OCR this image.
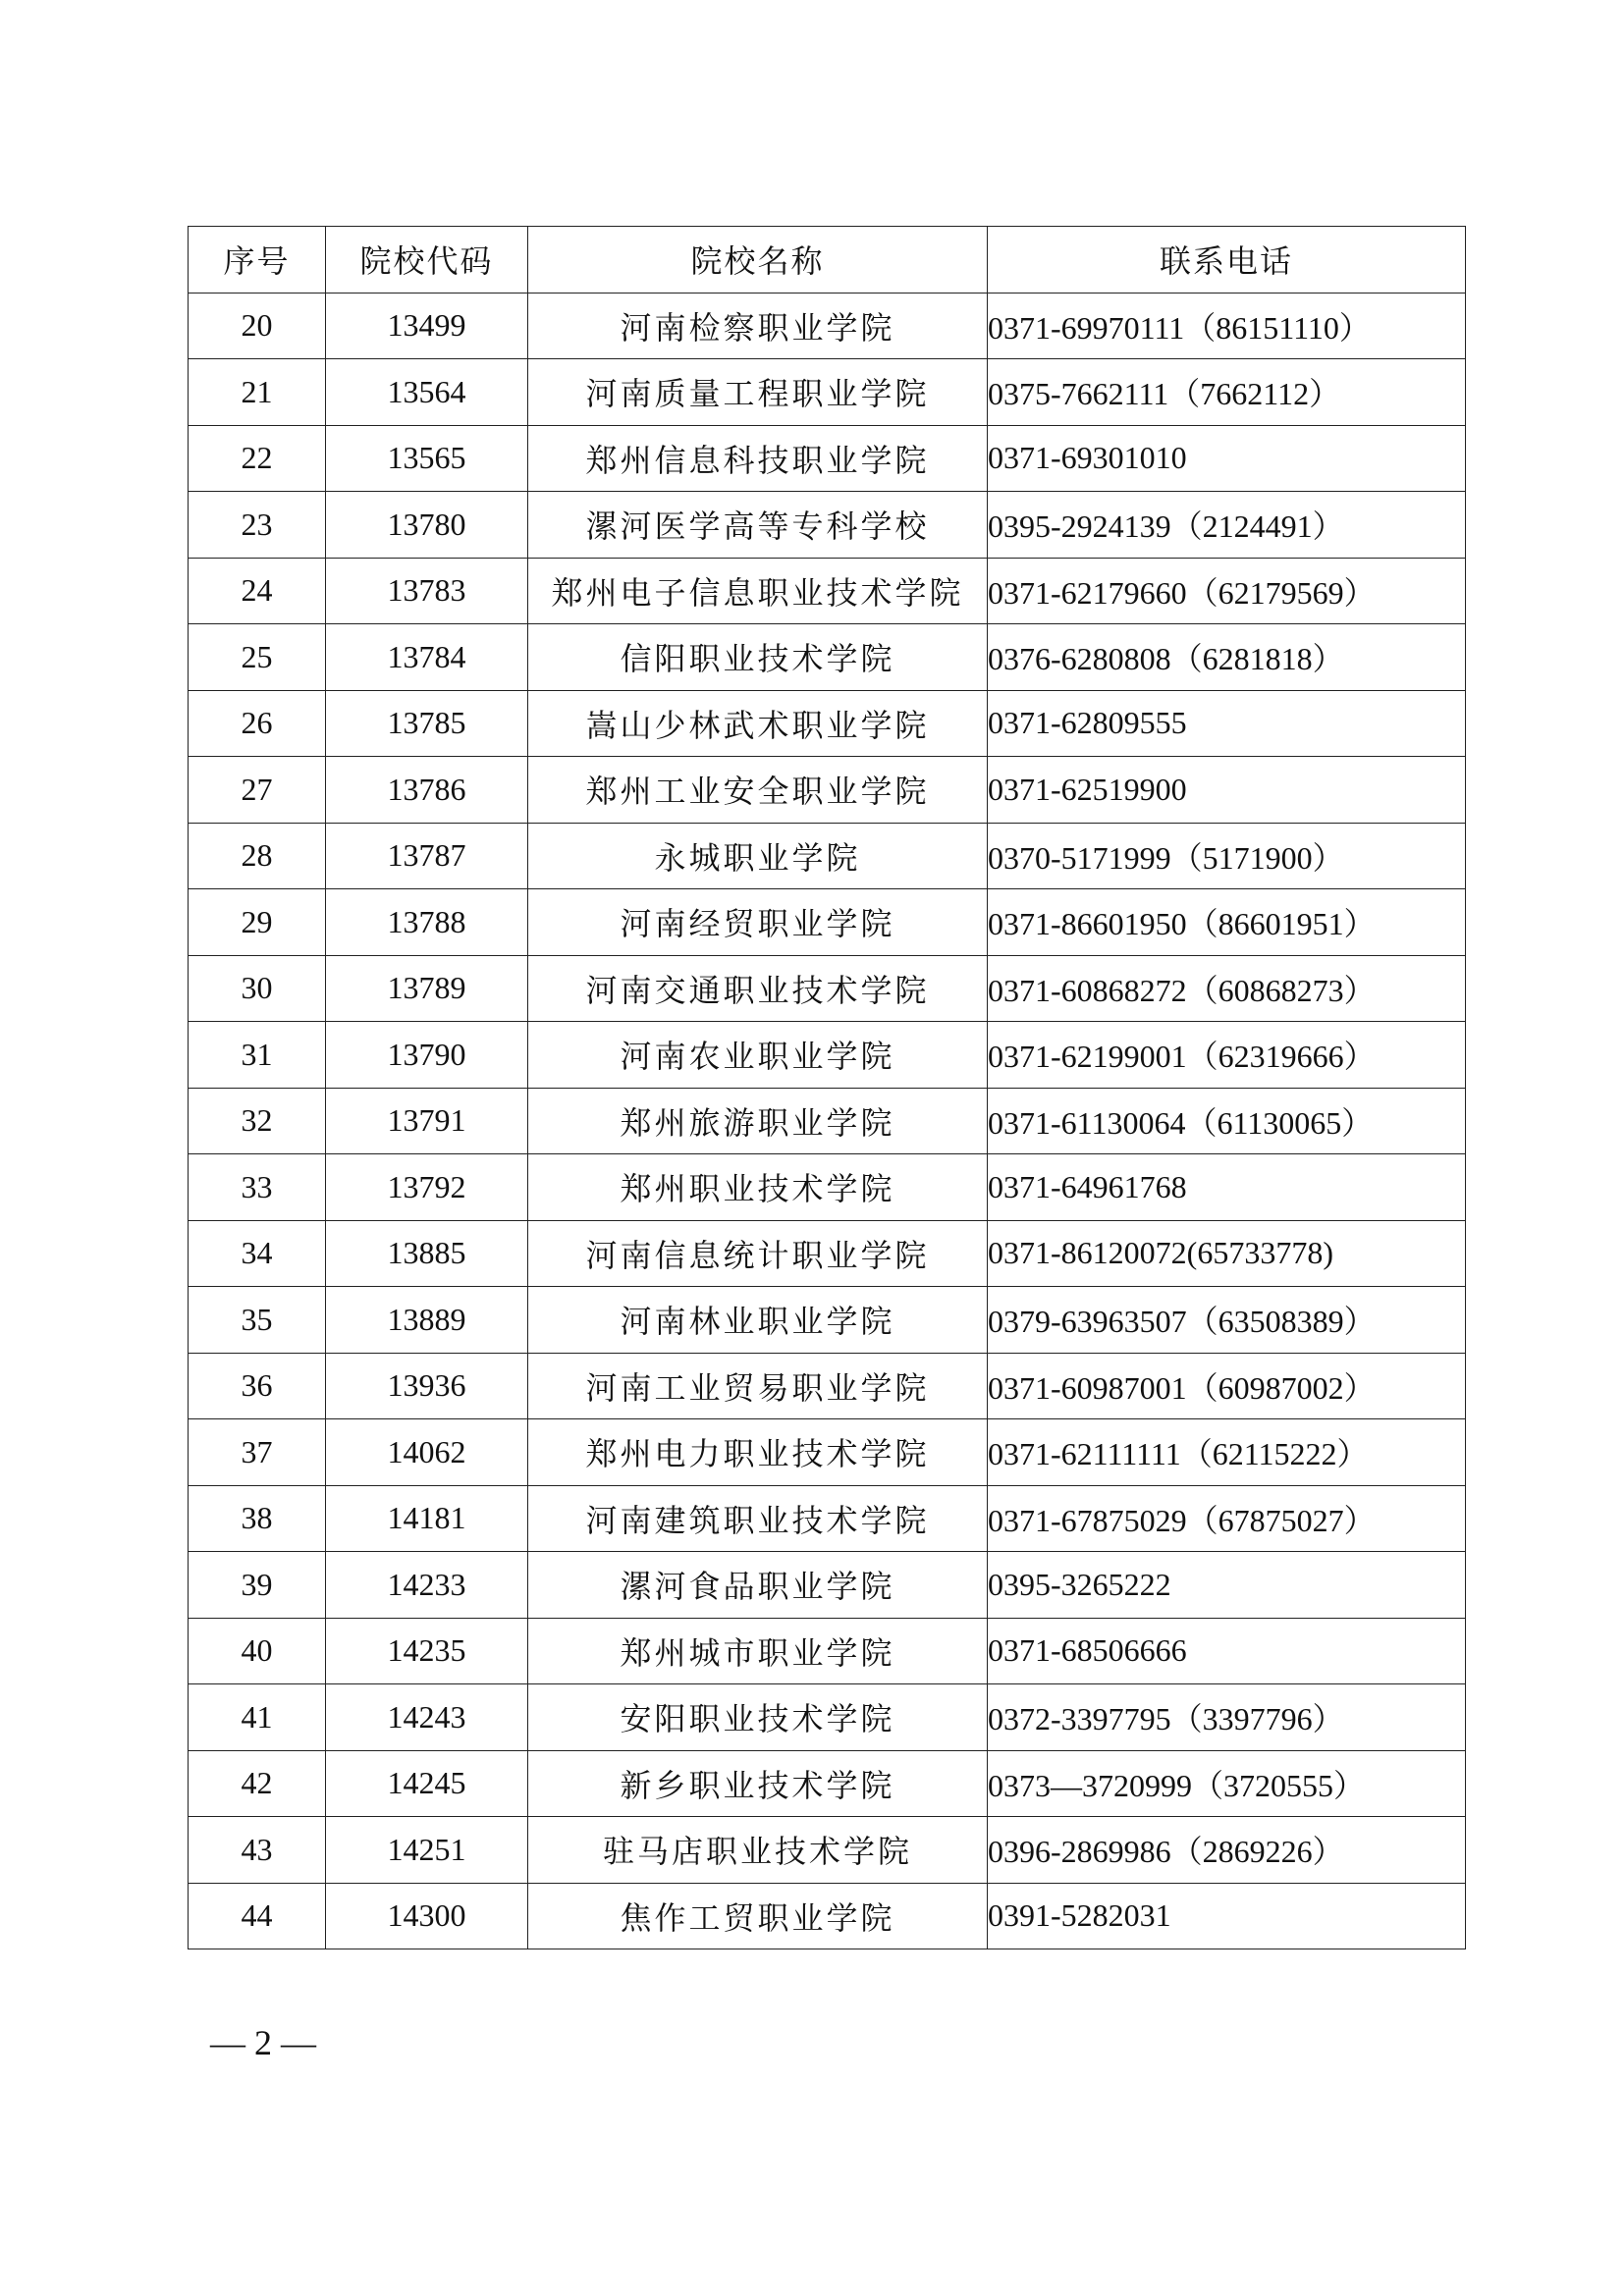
序号	院校代码	院校名称	联系电话
20	13499	河南检察职业学院	0371-69970111（86151110）
21	13564	河南质量工程职业学院	0375-7662111（7662112）
22	13565	郑州信息科技职业学院	0371-69301010
23	13780	漯河医学高等专科学校	0395-2924139（2124491）
24	13783	郑州电子信息职业技术学院	0371-62179660（62179569）
25	13784	信阳职业技术学院	0376-6280808（6281818）
26	13785	嵩山少林武术职业学院	0371-62809555
27	13786	郑州工业安全职业学院	0371-62519900
28	13787	永城职业学院	0370-5171999（5171900）
29	13788	河南经贸职业学院	0371-86601950（86601951）
30	13789	河南交通职业技术学院	0371-60868272（60868273）
31	13790	河南农业职业学院	0371-62199001（62319666）
32	13791	郑州旅游职业学院	0371-61130064（61130065）
33	13792	郑州职业技术学院	0371-64961768
34	13885	河南信息统计职业学院	0371-86120072(65733778)
35	13889	河南林业职业学院	0379-63963507（63508389）
36	13936	河南工业贸易职业学院	0371-60987001（60987002）
37	14062	郑州电力职业技术学院	0371-62111111（62115222）
38	14181	河南建筑职业技术学院	0371-67875029（67875027）
39	14233	漯河食品职业学院	0395-3265222
40	14235	郑州城市职业学院	0371-68506666
41	14243	安阳职业技术学院	0372-3397795（3397796）
42	14245	新乡职业技术学院	0373—3720999（3720555）
43	14251	驻马店职业技术学院	0396-2869986（2869226）
44	14300	焦作工贸职业学院	0391-5282031
— 2 —
